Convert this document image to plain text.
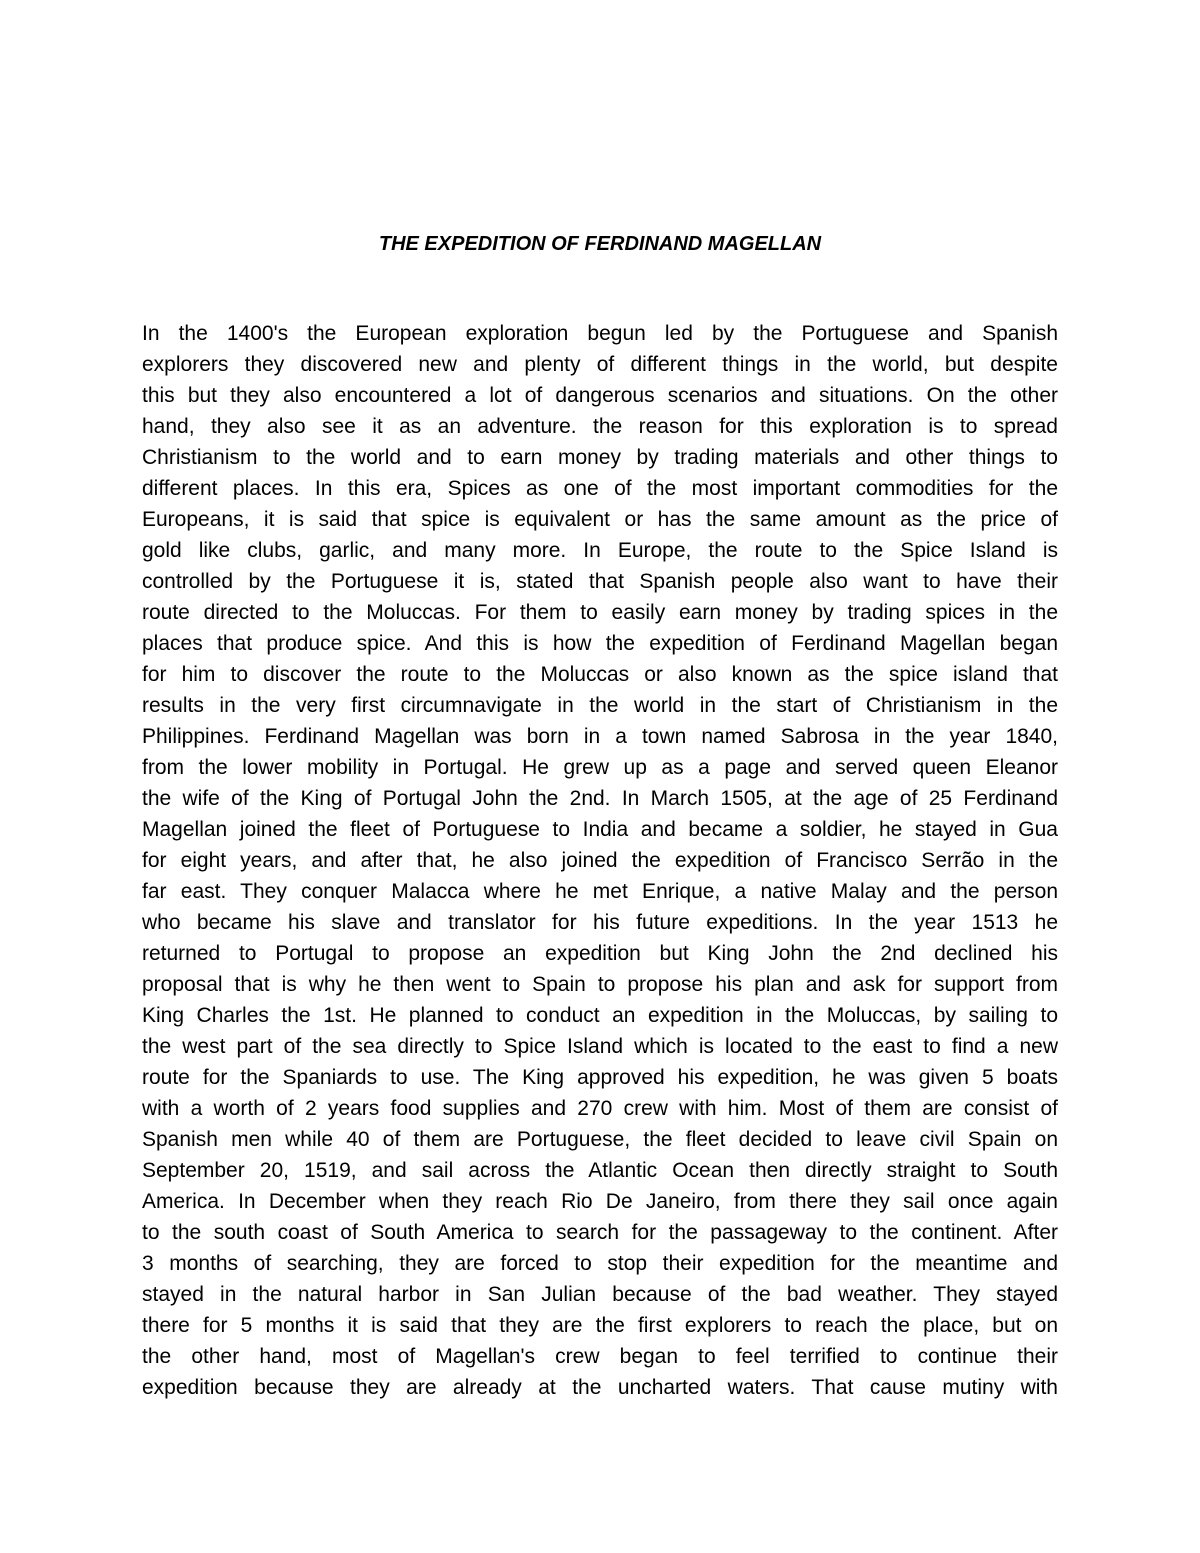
THE EXPEDITION OF FERDINAND MAGELLAN
In the 1400's the European exploration begun led by the Portuguese and Spanish
explorers they discovered new and plenty of different things in the world, but despite
this but they also encountered a lot of dangerous scenarios and situations. On the other
hand, they also see it as an adventure. the reason for this exploration is to spread
Christianism to the world and to earn money by trading materials and other things to
different places. In this era, Spices as one of the most important commodities for the
Europeans, it is said that spice is equivalent or has the same amount as the price of
gold like clubs, garlic, and many more. In Europe, the route to the Spice Island is
controlled by the Portuguese it is, stated that Spanish people also want to have their
route directed to the Moluccas. For them to easily earn money by trading spices in the
places that produce spice. And this is how the expedition of Ferdinand Magellan began
for him to discover the route to the Moluccas or also known as the spice island that
results in the very first circumnavigate in the world in the start of Christianism in the
Philippines. Ferdinand Magellan was born in a town named Sabrosa in the year 1840,
from the lower mobility in Portugal. He grew up as a page and served queen Eleanor
the wife of the King of Portugal John the 2nd. In March 1505, at the age of 25 Ferdinand
Magellan joined the fleet of Portuguese to India and became a soldier, he stayed in Gua
for eight years, and after that, he also joined the expedition of Francisco Serrão in the
far east. They conquer Malacca where he met Enrique, a native Malay and the person
who became his slave and translator for his future expeditions. In the year 1513 he
returned to Portugal to propose an expedition but King John the 2nd declined his
proposal that is why he then went to Spain to propose his plan and ask for support from
King Charles the 1st. He planned to conduct an expedition in the Moluccas, by sailing to
the west part of the sea directly to Spice Island which is located to the east to find a new
route for the Spaniards to use. The King approved his expedition, he was given 5 boats
with a worth of 2 years food supplies and 270 crew with him. Most of them are consist of
Spanish men while 40 of them are Portuguese, the fleet decided to leave civil Spain on
September 20, 1519, and sail across the Atlantic Ocean then directly straight to South
America. In December when they reach Rio De Janeiro, from there they sail once again
to the south coast of South America to search for the passageway to the continent. After
3 months of searching, they are forced to stop their expedition for the meantime and
stayed in the natural harbor in San Julian because of the bad weather. They stayed
there for 5 months it is said that they are the first explorers to reach the place, but on
the other hand, most of Magellan's crew began to feel terrified to continue their
expedition because they are already at the uncharted waters. That cause mutiny with
